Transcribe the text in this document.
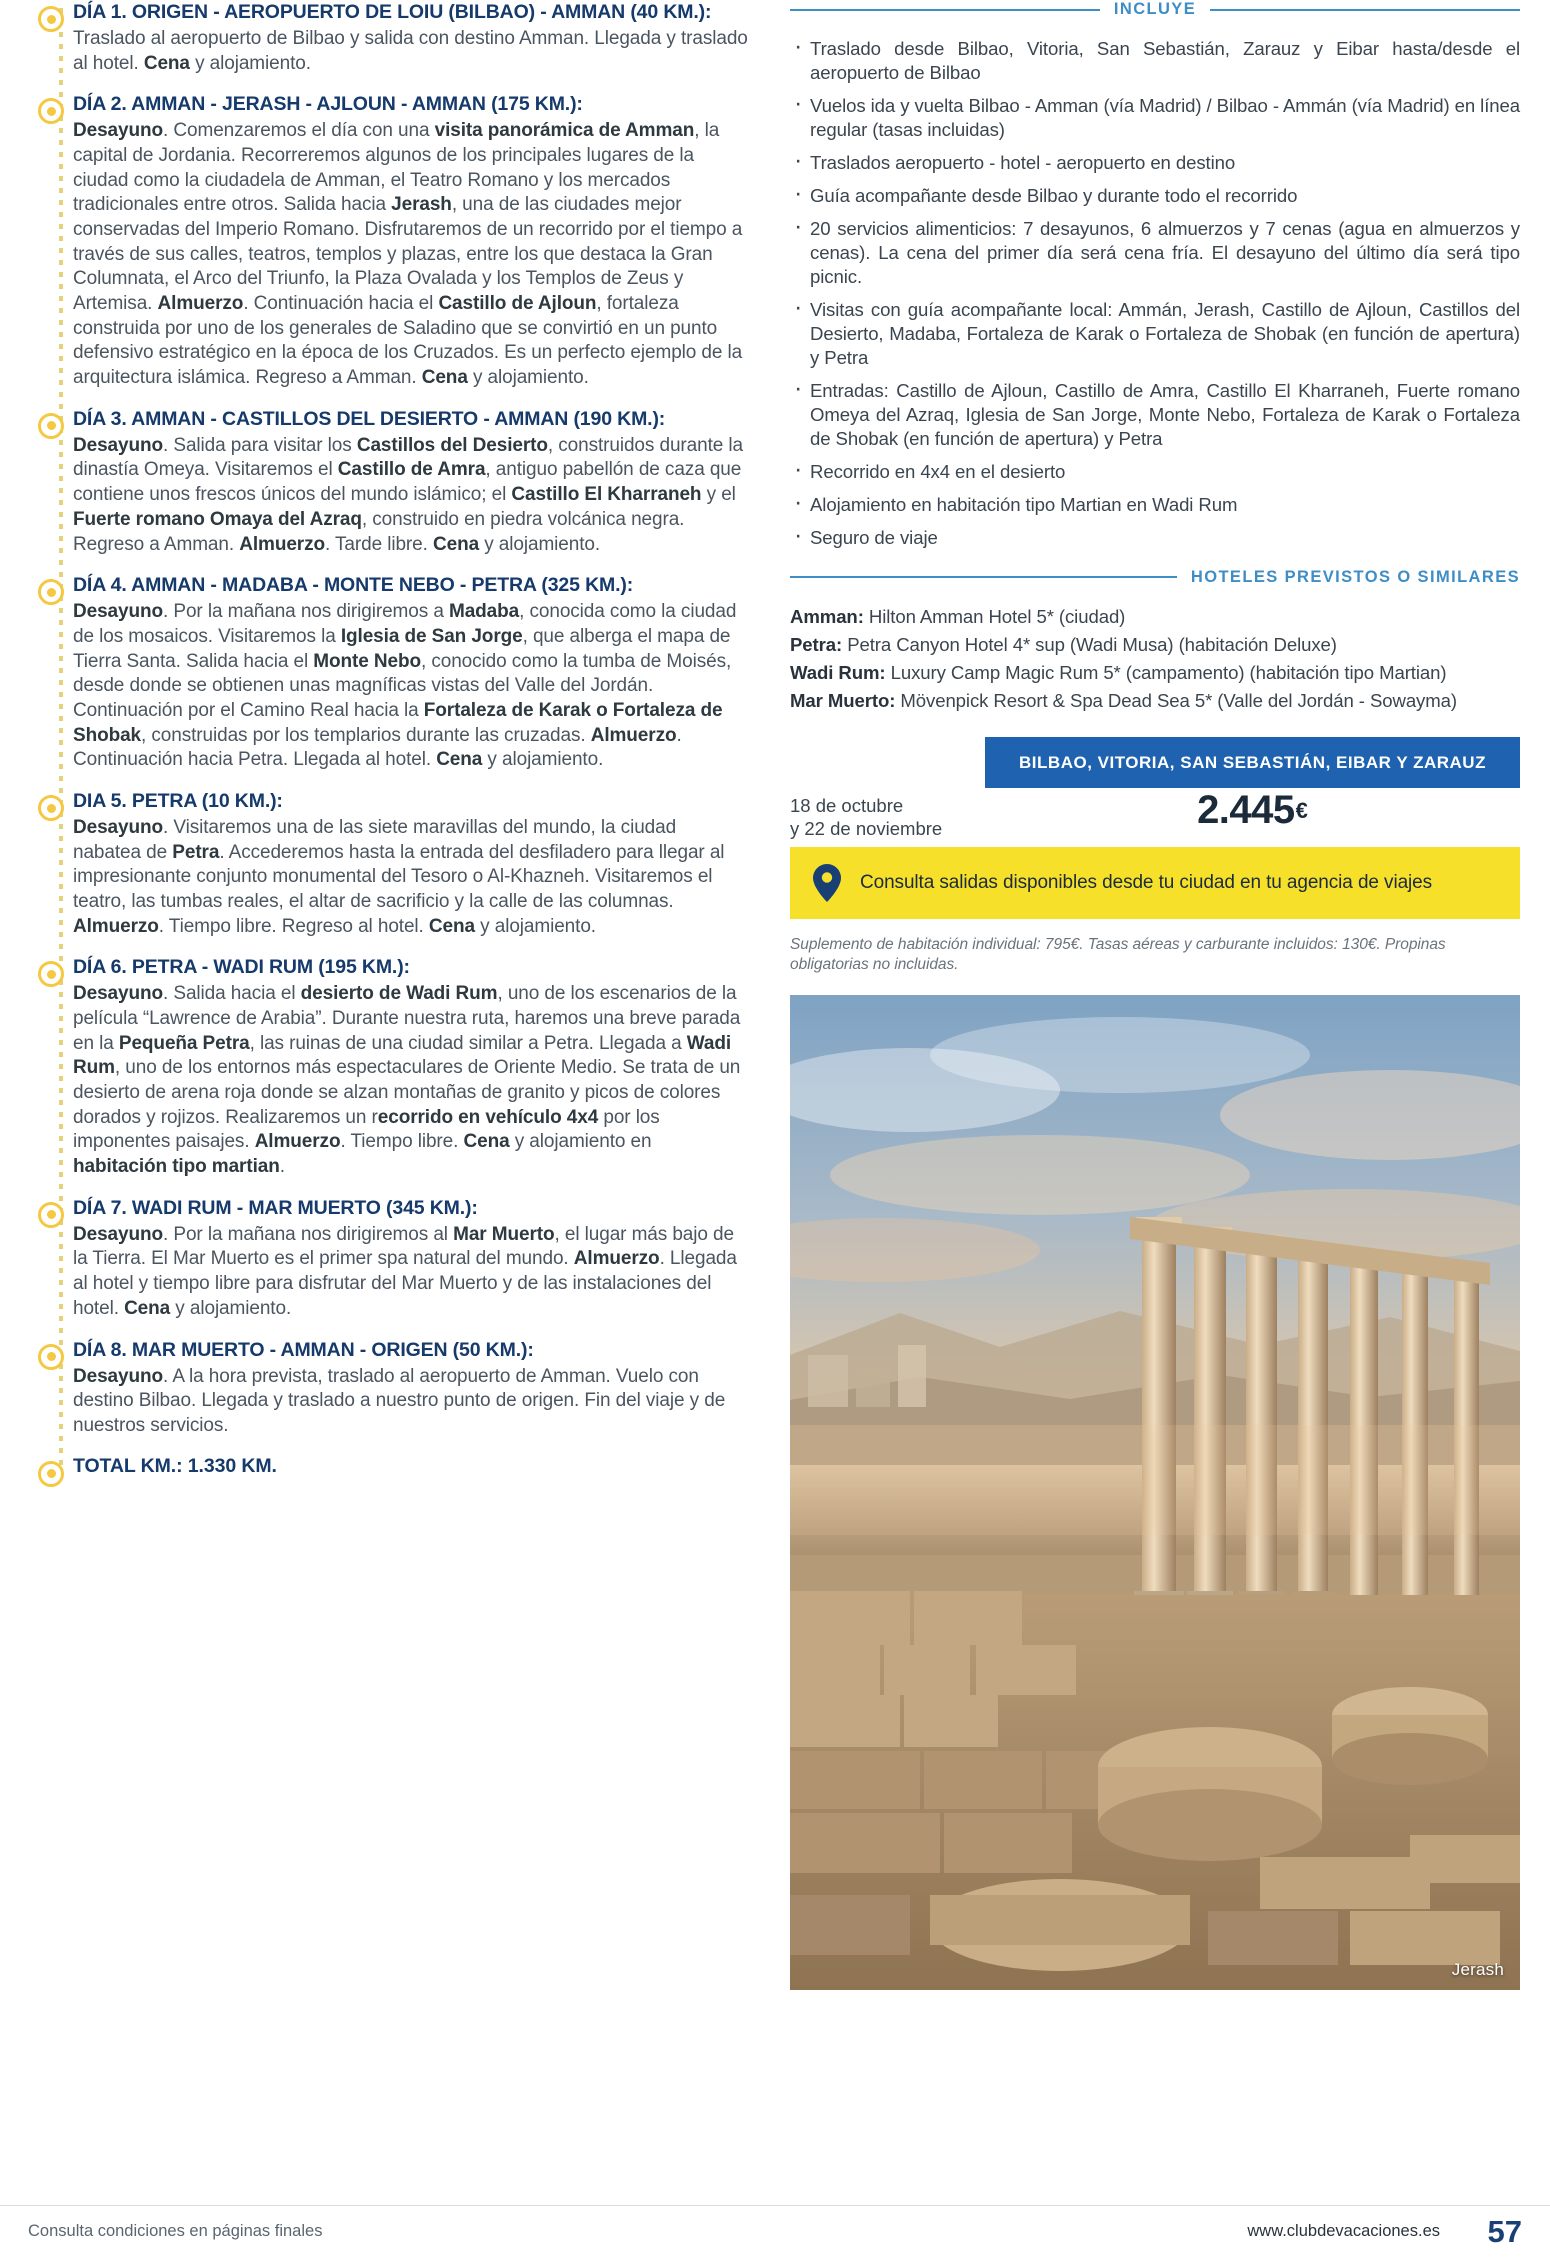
DÍA 1. ORIGEN - AEROPUERTO DE LOIU (BILBAO) - AMMAN (40 KM.):
Traslado al aeropuerto de Bilbao y salida con destino Amman. Llegada y traslado al hotel. Cena y alojamiento.
DÍA 2. AMMAN - JERASH - AJLOUN - AMMAN (175 KM.):
Desayuno. Comenzaremos el día con una visita panorámica de Amman, la capital de Jordania. Recorreremos algunos de los principales lugares de la ciudad como la ciudadela de Amman, el Teatro Romano y los mercados tradicionales entre otros. Salida hacia Jerash, una de las ciudades mejor conservadas del Imperio Romano. Disfrutaremos de un recorrido por el tiempo a través de sus calles, teatros, templos y plazas, entre los que destaca la Gran Columnata, el Arco del Triunfo, la Plaza Ovalada y los Templos de Zeus y Artemisa. Almuerzo. Continuación hacia el Castillo de Ajloun, fortaleza construida por uno de los generales de Saladino que se convirtió en un punto defensivo estratégico en la época de los Cruzados. Es un perfecto ejemplo de la arquitectura islámica. Regreso a Amman. Cena y alojamiento.
DÍA 3. AMMAN - CASTILLOS DEL DESIERTO - AMMAN (190 KM.):
Desayuno. Salida para visitar los Castillos del Desierto, construidos durante la dinastía Omeya. Visitaremos el Castillo de Amra, antiguo pabellón de caza que contiene unos frescos únicos del mundo islámico; el Castillo El Kharraneh y el Fuerte romano Omaya del Azraq, construido en piedra volcánica negra. Regreso a Amman. Almuerzo. Tarde libre. Cena y alojamiento.
DÍA 4. AMMAN - MADABA - MONTE NEBO - PETRA (325 KM.):
Desayuno. Por la mañana nos dirigiremos a Madaba, conocida como la ciudad de los mosaicos. Visitaremos la Iglesia de San Jorge, que alberga el mapa de Tierra Santa. Salida hacia el Monte Nebo, conocido como la tumba de Moisés, desde donde se obtienen unas magníficas vistas del Valle del Jordán. Continuación por el Camino Real hacia la Fortaleza de Karak o Fortaleza de Shobak, construidas por los templarios durante las cruzadas. Almuerzo. Continuación hacia Petra. Llegada al hotel. Cena y alojamiento.
DIA 5. PETRA (10 KM.):
Desayuno. Visitaremos una de las siete maravillas del mundo, la ciudad nabatea de Petra. Accederemos hasta la entrada del desfiladero para llegar al impresionante conjunto monumental del Tesoro o Al-Khazneh. Visitaremos el teatro, las tumbas reales, el altar de sacrificio y la calle de las columnas. Almuerzo. Tiempo libre. Regreso al hotel. Cena y alojamiento.
DÍA 6. PETRA - WADI RUM (195 KM.):
Desayuno. Salida hacia el desierto de Wadi Rum, uno de los escenarios de la película “Lawrence de Arabia”. Durante nuestra ruta, haremos una breve parada en la Pequeña Petra, las ruinas de una ciudad similar a Petra. Llegada a Wadi Rum, uno de los entornos más espectaculares de Oriente Medio. Se trata de un desierto de arena roja donde se alzan montañas de granito y picos de colores dorados y rojizos. Realizaremos un recorrido en vehículo 4x4 por los imponentes paisajes. Almuerzo. Tiempo libre. Cena y alojamiento en habitación tipo martian.
DÍA 7. WADI RUM - MAR MUERTO (345 KM.):
Desayuno. Por la mañana nos dirigiremos al Mar Muerto, el lugar más bajo de la Tierra. El Mar Muerto es el primer spa natural del mundo. Almuerzo. Llegada al hotel y tiempo libre para disfrutar del Mar Muerto y de las instalaciones del hotel. Cena y alojamiento.
DÍA 8. MAR MUERTO - AMMAN - ORIGEN (50 KM.):
Desayuno. A la hora prevista, traslado al aeropuerto de Amman. Vuelo con destino Bilbao. Llegada y traslado a nuestro punto de origen. Fin del viaje y de nuestros servicios.
TOTAL KM.: 1.330 KM.
INCLUYE
· Traslado desde Bilbao, Vitoria, San Sebastián, Zarauz y Eibar hasta/desde el aeropuerto de Bilbao
· Vuelos ida y vuelta Bilbao - Amman (vía Madrid) / Bilbao - Ammán (vía Madrid) en línea regular (tasas incluidas)
· Traslados aeropuerto - hotel - aeropuerto en destino
· Guía acompañante desde Bilbao y durante todo el recorrido
· 20 servicios alimenticios: 7 desayunos, 6 almuerzos y 7 cenas (agua en almuerzos y cenas). La cena del primer día será cena fría. El desayuno del último día será tipo picnic.
· Visitas con guía acompañante local: Ammán, Jerash, Castillo de Ajloun, Castillos del Desierto, Madaba, Fortaleza de Karak o Fortaleza de Shobak (en función de apertura) y Petra
· Entradas: Castillo de Ajloun, Castillo de Amra, Castillo El Kharraneh, Fuerte romano Omeya del Azraq, Iglesia de San Jorge, Monte Nebo, Fortaleza de Karak o Fortaleza de Shobak (en función de apertura) y Petra
· Recorrido en 4x4 en el desierto
· Alojamiento en habitación tipo Martian en Wadi Rum
· Seguro de viaje
HOTELES PREVISTOS O SIMILARES
Amman: Hilton Amman Hotel 5* (ciudad)
Petra: Petra Canyon Hotel 4* sup (Wadi Musa) (habitación Deluxe)
Wadi Rum: Luxury Camp Magic Rum 5* (campamento) (habitación tipo Martian)
Mar Muerto: Mövenpick Resort & Spa Dead Sea 5* (Valle del Jordán - Sowayma)
18 de octubre
y 22 de noviembre
BILBAO, VITORIA, SAN SEBASTIÁN, EIBAR Y ZARAUZ
2.445 €
Consulta salidas disponibles desde tu ciudad en tu agencia de viajes
Suplemento de habitación individual: 795€. Tasas aéreas y carburante incluidos: 130€. Propinas obligatorias no incluidas.
Jerash
Consulta condiciones en páginas finales	www.clubdevacaciones.es 57
